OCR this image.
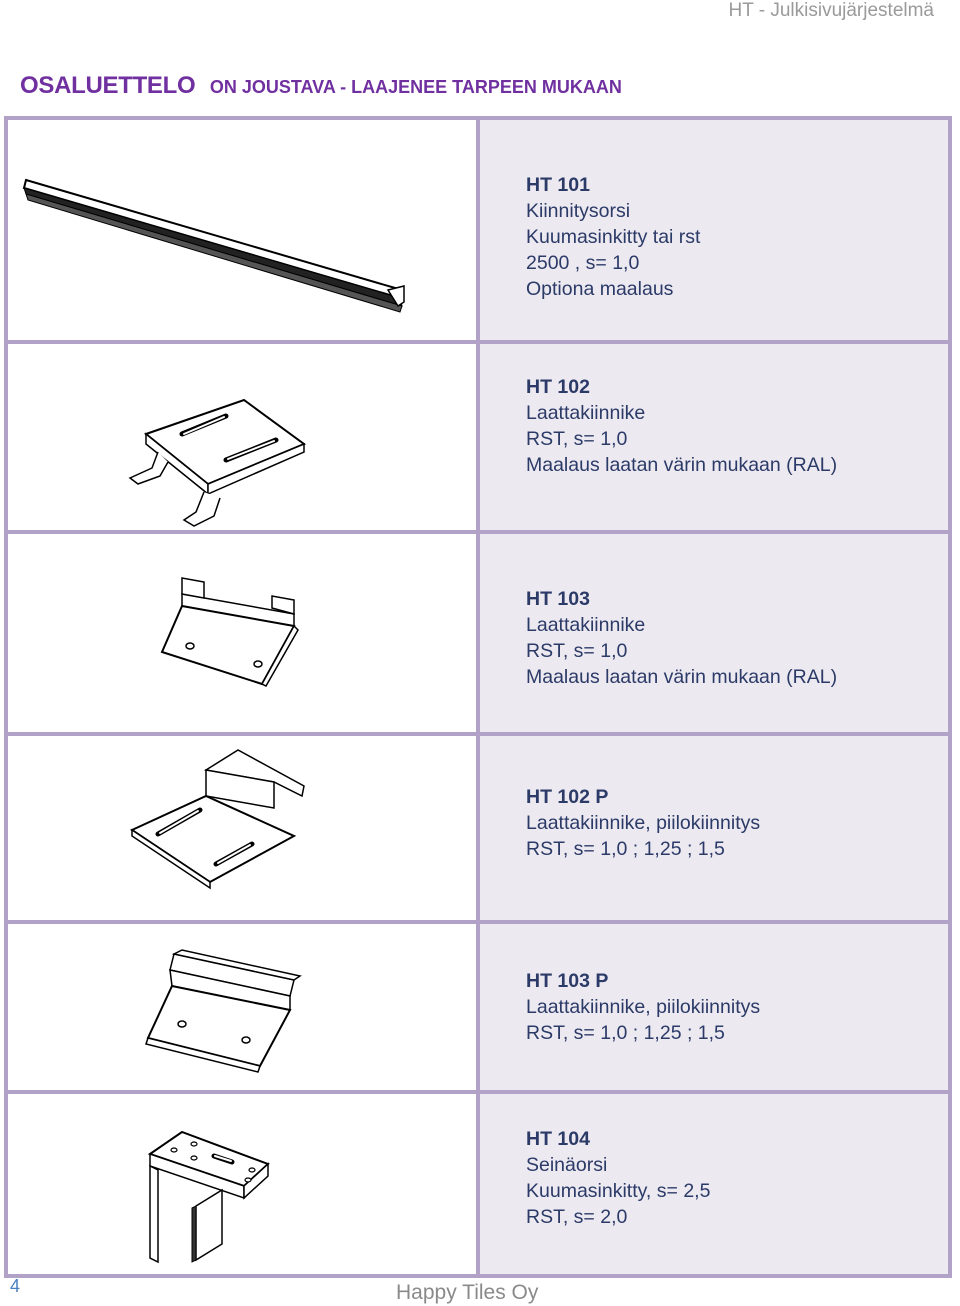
HT - Julkisivujärjestelmä
OSALUETTELO ON JOUSTAVA - LAAJENEE TARPEEN MUKAAN
HT 101
Kiinnitysorsi
Kuumasinkitty tai rst
2500 , s= 1,0
Optiona maalaus
HT 102
Laattakiinnike
RST, s= 1,0
Maalaus laatan värin mukaan (RAL)
HT 103
Laattakiinnike
RST, s= 1,0
Maalaus laatan värin mukaan (RAL)
HT 102 P
Laattakiinnike, piilokiinnitys
RST, s= 1,0 ; 1,25 ; 1,5
HT 103 P
Laattakiinnike, piilokiinnitys
RST, s= 1,0 ; 1,25 ; 1,5
HT 104
Seinäorsi
Kuumasinkitty, s= 2,5
RST, s= 2,0
4	Happy Tiles Oy
